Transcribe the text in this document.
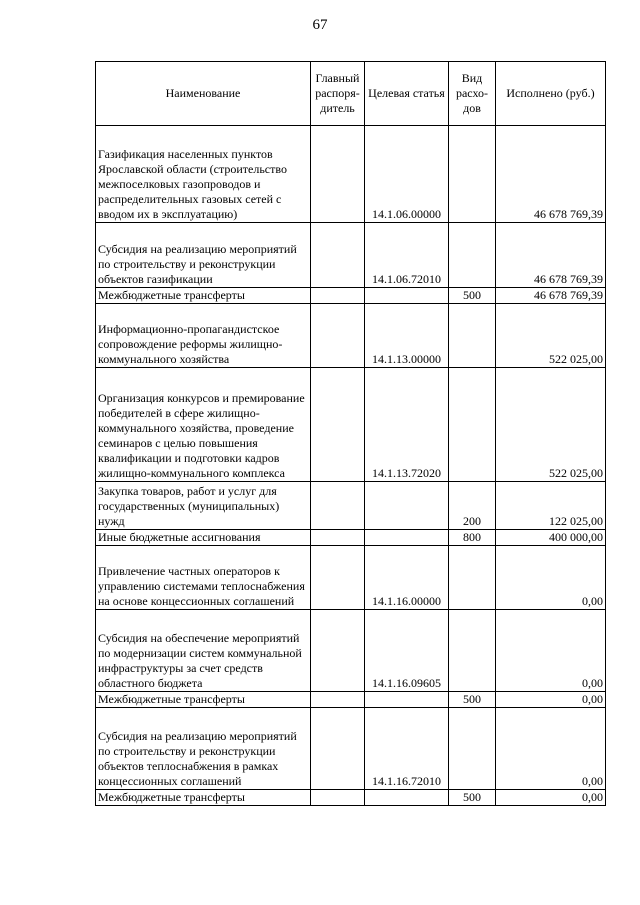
67
Наименование	Главный распоря-дитель	Целевая статья	Вид расхо-дов	Исполнено (руб.)
Газификация населенных пунктов Ярославской области (строительство межпоселковых газопроводов и распределительных газовых сетей с вводом их в эксплуатацию)		14.1.06.00000		46 678 769,39
Субсидия на реализацию мероприятий по строительству и реконструкции объектов газификации		14.1.06.72010		46 678 769,39
Межбюджетные трансферты			500	46 678 769,39
Информационно-пропагандистское сопровождение реформы жилищно-коммунального хозяйства		14.1.13.00000		522 025,00
Организация конкурсов и премирование победителей в сфере жилищно-коммунального хозяйства, проведение семинаров с целью повышения квалификации и подготовки кадров жилищно-коммунального комплекса		14.1.13.72020		522 025,00
Закупка товаров, работ и услуг для государственных (муниципальных) нужд			200	122 025,00
Иные бюджетные ассигнования			800	400 000,00
Привлечение частных операторов к управлению системами теплоснабжения на основе концессионных соглашений		14.1.16.00000		0,00
Субсидия на обеспечение мероприятий по модернизации систем коммунальной инфраструктуры за счет средств областного бюджета		14.1.16.09605		0,00
Межбюджетные трансферты			500	0,00
Субсидия на реализацию мероприятий по строительству и реконструкции объектов теплоснабжения в рамках концессионных соглашений		14.1.16.72010		0,00
Межбюджетные трансферты			500	0,00
